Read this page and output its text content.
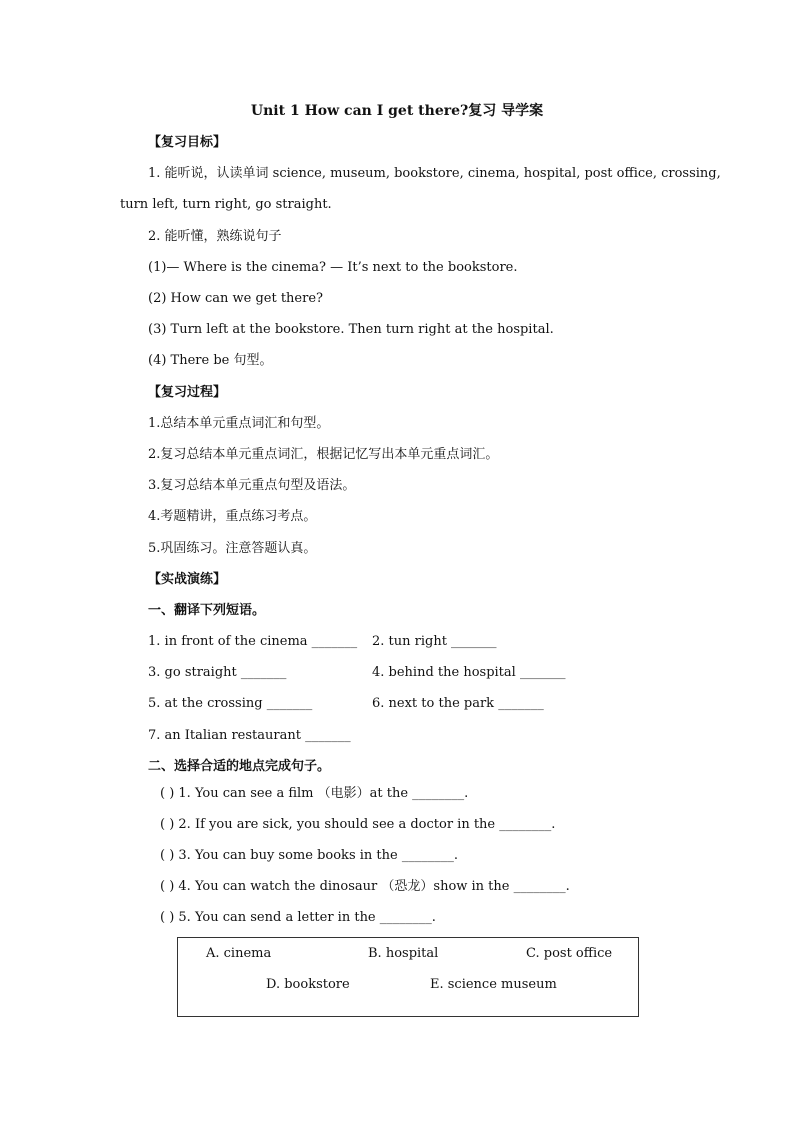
Unit 1 How can I get there?复习 导学案
【复习目标】
1. 能听说，认读单词 science, museum, bookstore, cinema, hospital, post office, crossing,
turn left, turn right, go straight.
2. 能听懂，熟练说句子
(1)— Where is the cinema? — It’s next to the bookstore.
(2) How can we get there?
(3) Turn left at the bookstore. Then turn right at the hospital.
(4) There be 句型。
【复习过程】
1.总结本单元重点词汇和句型。
2.复习总结本单元重点词汇，根据记忆写出本单元重点词汇。
3.复习总结本单元重点句型及语法。
4.考题精讲，重点练习考点。
5.巩固练习。注意答题认真。
【实战演练】
一、翻译下列短语。
1. in front of the cinema _______ 2. tun right _______
3. go straight _______	4. behind the hospital _______
5. at the crossing _______	6. next to the park _______
7. an Italian restaurant _______
二、选择合适的地点完成句子。
( ) 1. You can see a film （电影）at the ________.
( ) 2. If you are sick, you should see a doctor in the ________.
( ) 3. You can buy some books in the ________.
( ) 4. You can watch the dinosaur （恐龙）show in the ________.
( ) 5. You can send a letter in the ________.
A. cinema	B. hospital	C. post office
D. bookstore	E. science museum
